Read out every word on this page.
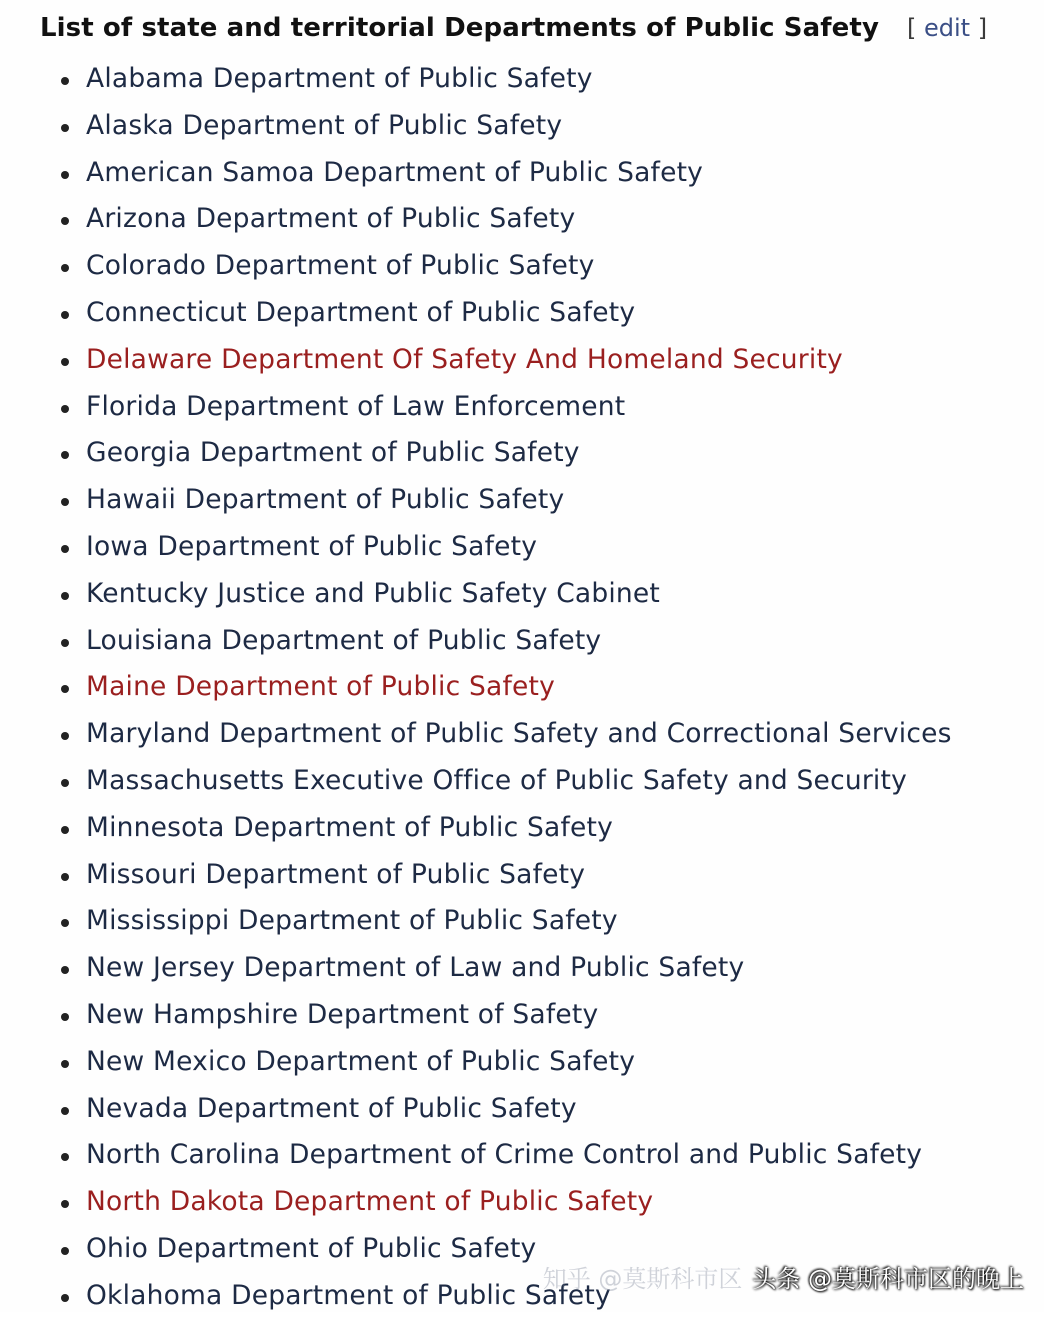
List of state and territorial Departments of Public Safety [ edit ]
Alabama Department of Public Safety
Alaska Department of Public Safety
American Samoa Department of Public Safety
Arizona Department of Public Safety
Colorado Department of Public Safety
Connecticut Department of Public Safety
Delaware Department Of Safety And Homeland Security
Florida Department of Law Enforcement
Georgia Department of Public Safety
Hawaii Department of Public Safety
Iowa Department of Public Safety
Kentucky Justice and Public Safety Cabinet
Louisiana Department of Public Safety
Maine Department of Public Safety
Maryland Department of Public Safety and Correctional Services
Massachusetts Executive Office of Public Safety and Security
Minnesota Department of Public Safety
Missouri Department of Public Safety
Mississippi Department of Public Safety
New Jersey Department of Law and Public Safety
New Hampshire Department of Safety
New Mexico Department of Public Safety
Nevada Department of Public Safety
North Carolina Department of Crime Control and Public Safety
North Dakota Department of Public Safety
Ohio Department of Public Safety
Oklahoma Department of Public Safety
知乎 @莫斯科市区 头条 @莫斯科市区的晚上
